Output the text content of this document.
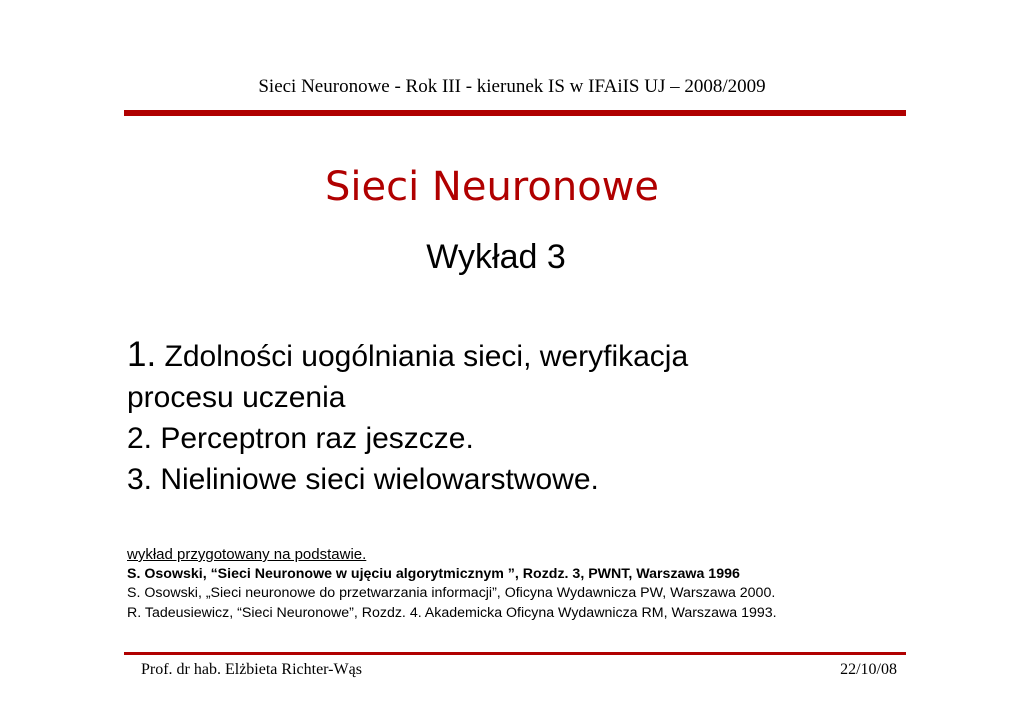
Sieci Neuronowe - Rok III - kierunek IS w IFAiIS UJ – 2008/2009
Sieci Neuronowe
Wykład 3
1. Zdolności uogólniania sieci, weryfikacja
procesu uczenia
2. Perceptron raz jeszcze.
3. Nieliniowe sieci wielowarstwowe.
wykład przygotowany na podstawie.
S. Osowski, “Sieci Neuronowe w ujęciu algorytmicznym ”, Rozdz. 3, PWNT, Warszawa 1996
S. Osowski, „Sieci neuronowe do przetwarzania informacji”, Oficyna Wydawnicza PW, Warszawa 2000.
R. Tadeusiewicz, “Sieci Neuronowe”, Rozdz. 4. Akademicka Oficyna Wydawnicza RM, Warszawa 1993.
Prof. dr hab. Elżbieta Richter-Wąs	22/10/08
